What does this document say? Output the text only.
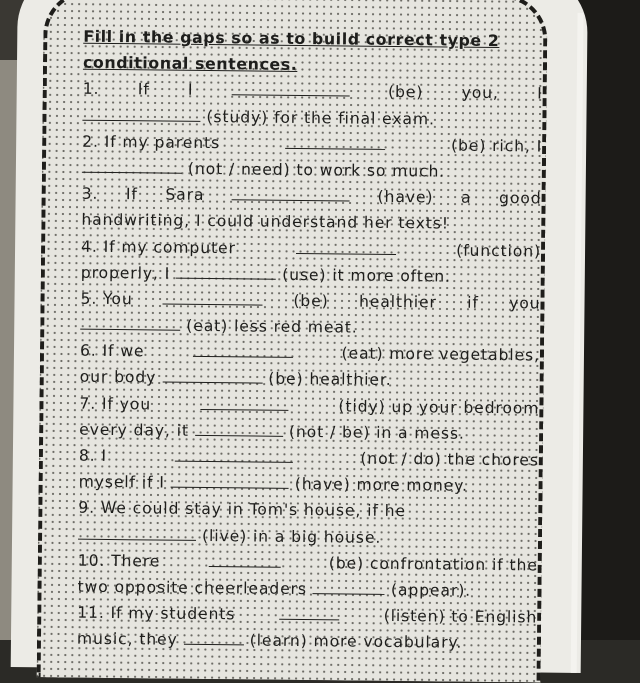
Fill in the gaps so as to build correct type 2
conditional sentences.
1. If I	(be) you, I
(study) for the final exam.
2. If my parents	(be) rich, I
(not / need) to work so much.
3. If Sara	(have) a good
handwriting, I could understand her texts!
4. If my computer	(function)
properly, I	(use) it more often.
5. You	(be) healthier if you
(eat) less red meat.
6. If we	(eat) more vegetables,
our body	(be) healthier.
7. If you	(tidy) up your bedroom
every day, it	(not / be) in a mess.
8. I	(not / do) the chores
myself if I	(have) more money.
9. We could stay in Tom's house, if he
(live) in a big house.
10. There	(be) confrontation if the
two opposite cheerleaders	(appear).
11. If my students	(listen) to English
music, they	(learn) more vocabulary.
